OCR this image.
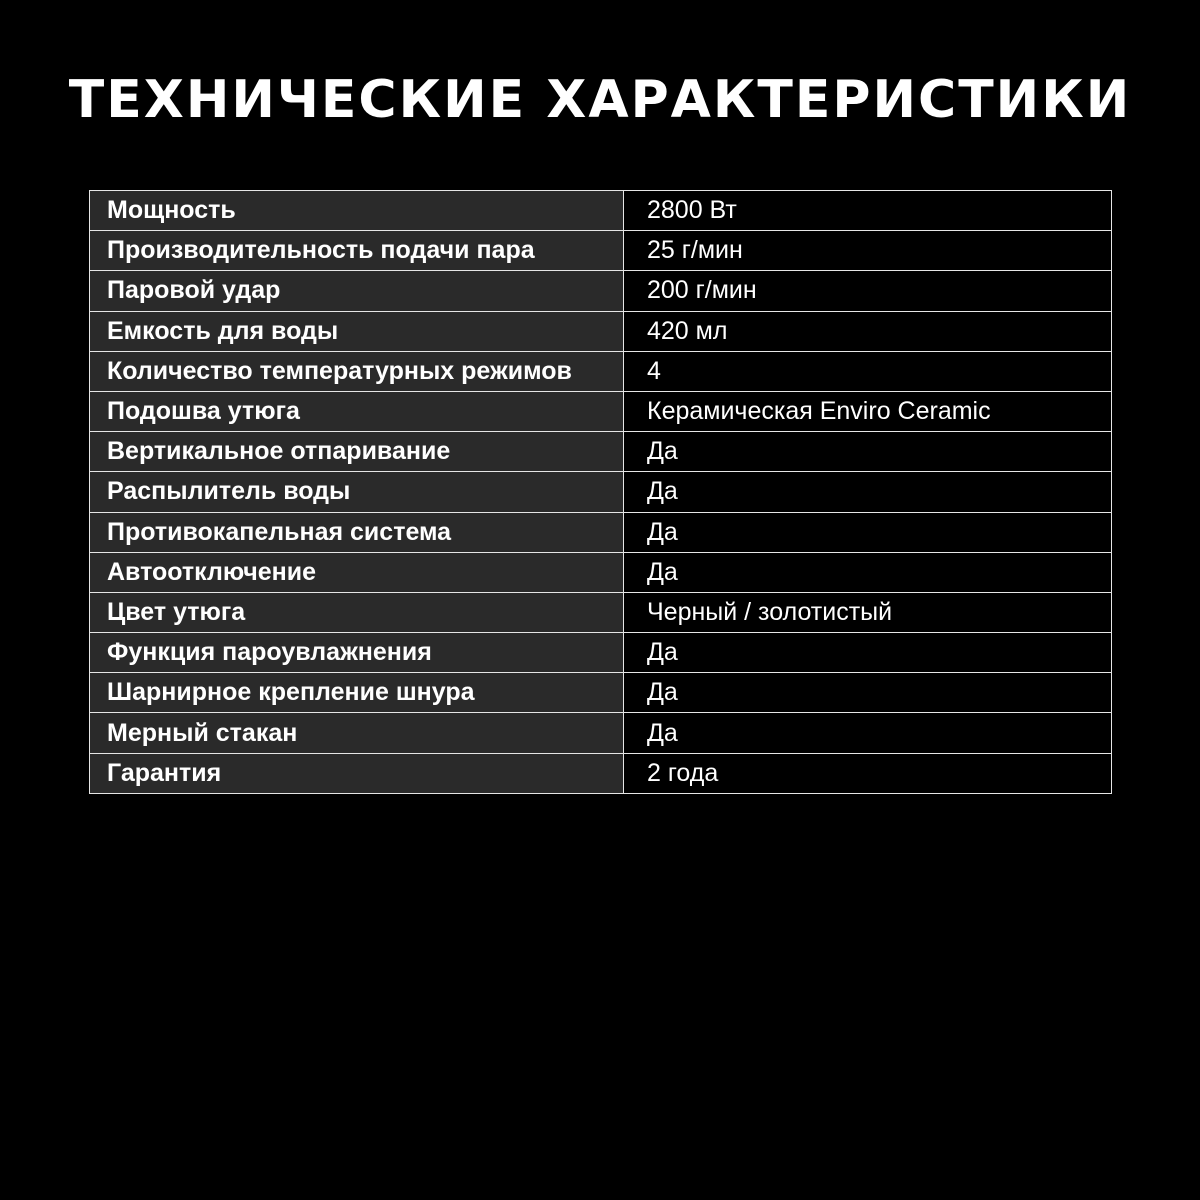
ТЕХНИЧЕСКИЕ ХАРАКТЕРИСТИКИ
Мощность	2800 Вт
Производительность подачи пара	25 г/мин
Паровой удар	200 г/мин
Емкость для воды	420 мл
Количество температурных режимов	4
Подошва утюга	Керамическая Enviro Ceramic
Вертикальное отпаривание	Да
Распылитель воды	Да
Противокапельная система	Да
Автоотключение	Да
Цвет утюга	Черный / золотистый
Функция пароувлажнения	Да
Шарнирное крепление шнура	Да
Мерный стакан	Да
Гарантия	2 года
